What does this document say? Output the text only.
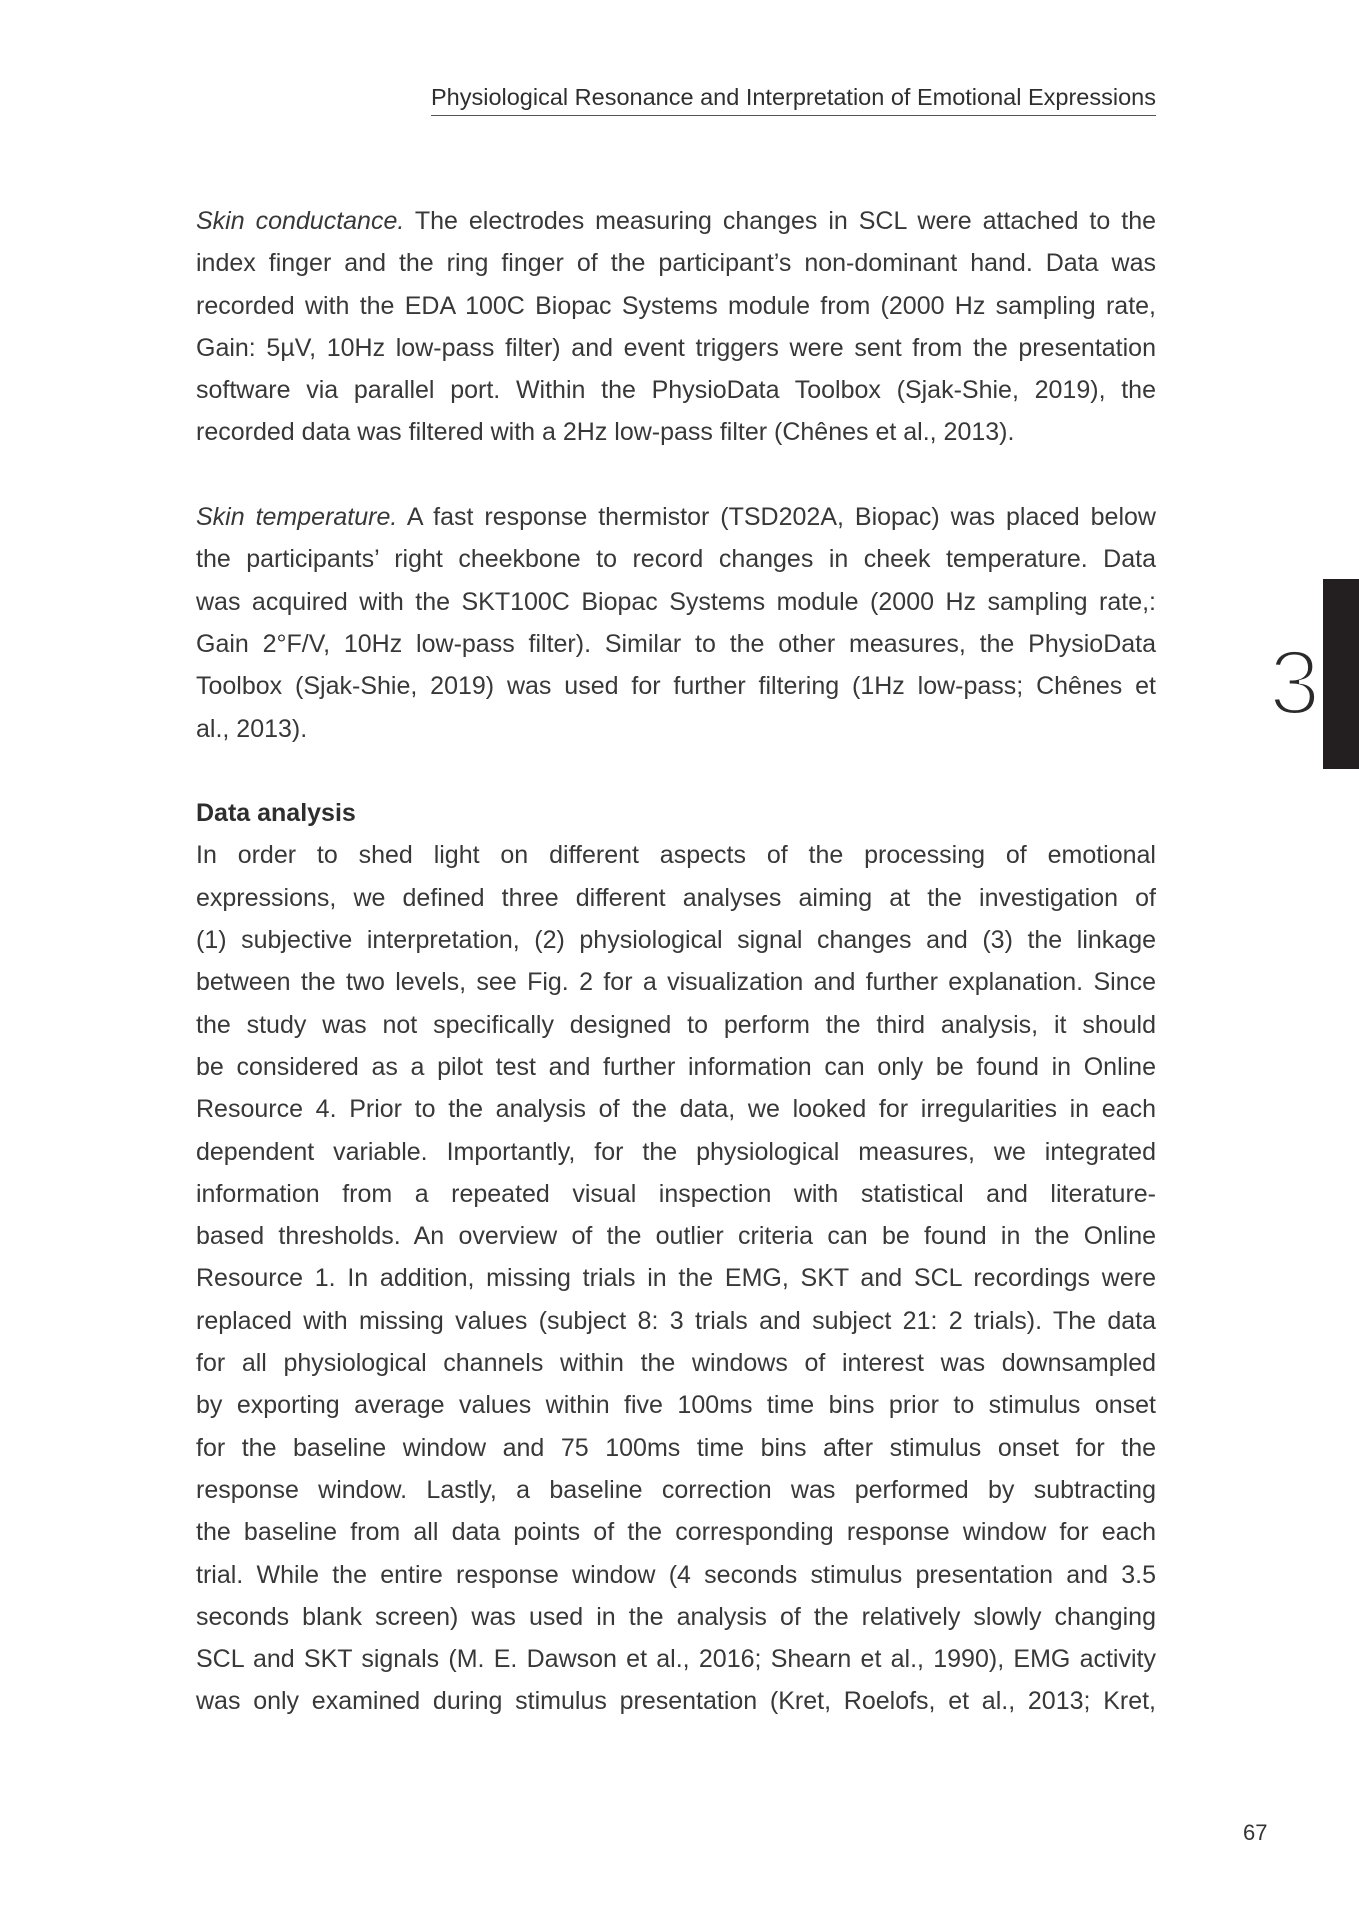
Physiological Resonance and Interpretation of Emotional Expressions
3
Skin conductance. The electrodes measuring changes in SCL were attached to the
index finger and the ring finger of the participant’s non-dominant hand. Data was
recorded with the EDA 100C Biopac Systems module from (2000 Hz sampling rate,
Gain: 5µV, 10Hz low-pass filter) and event triggers were sent from the presentation
software via parallel port. Within the PhysioData Toolbox (Sjak-Shie, 2019), the
recorded data was filtered with a 2Hz low-pass filter (Chênes et al., 2013).
Skin temperature. A fast response thermistor (TSD202A, Biopac) was placed below
the participants’ right cheekbone to record changes in cheek temperature. Data
was acquired with the SKT100C Biopac Systems module (2000 Hz sampling rate,:
Gain 2°F/V, 10Hz low-pass filter). Similar to the other measures, the PhysioData
Toolbox (Sjak-Shie, 2019) was used for further filtering (1Hz low-pass; Chênes et
al., 2013).
Data analysis
In order to shed light on different aspects of the processing of emotional
expressions, we defined three different analyses aiming at the investigation of
(1) subjective interpretation, (2) physiological signal changes and (3) the linkage
between the two levels, see Fig. 2 for a visualization and further explanation. Since
the study was not specifically designed to perform the third analysis, it should
be considered as a pilot test and further information can only be found in Online
Resource 4. Prior to the analysis of the data, we looked for irregularities in each
dependent variable. Importantly, for the physiological measures, we integrated
information from a repeated visual inspection with statistical and literature-
based thresholds. An overview of the outlier criteria can be found in the Online
Resource 1. In addition, missing trials in the EMG, SKT and SCL recordings were
replaced with missing values (subject 8: 3 trials and subject 21: 2 trials). The data
for all physiological channels within the windows of interest was downsampled
by exporting average values within five 100ms time bins prior to stimulus onset
for the baseline window and 75 100ms time bins after stimulus onset for the
response window. Lastly, a baseline correction was performed by subtracting
the baseline from all data points of the corresponding response window for each
trial. While the entire response window (4 seconds stimulus presentation and 3.5
seconds blank screen) was used in the analysis of the relatively slowly changing
SCL and SKT signals (M. E. Dawson et al., 2016; Shearn et al., 1990), EMG activity
was only examined during stimulus presentation (Kret, Roelofs, et al., 2013; Kret,
67
